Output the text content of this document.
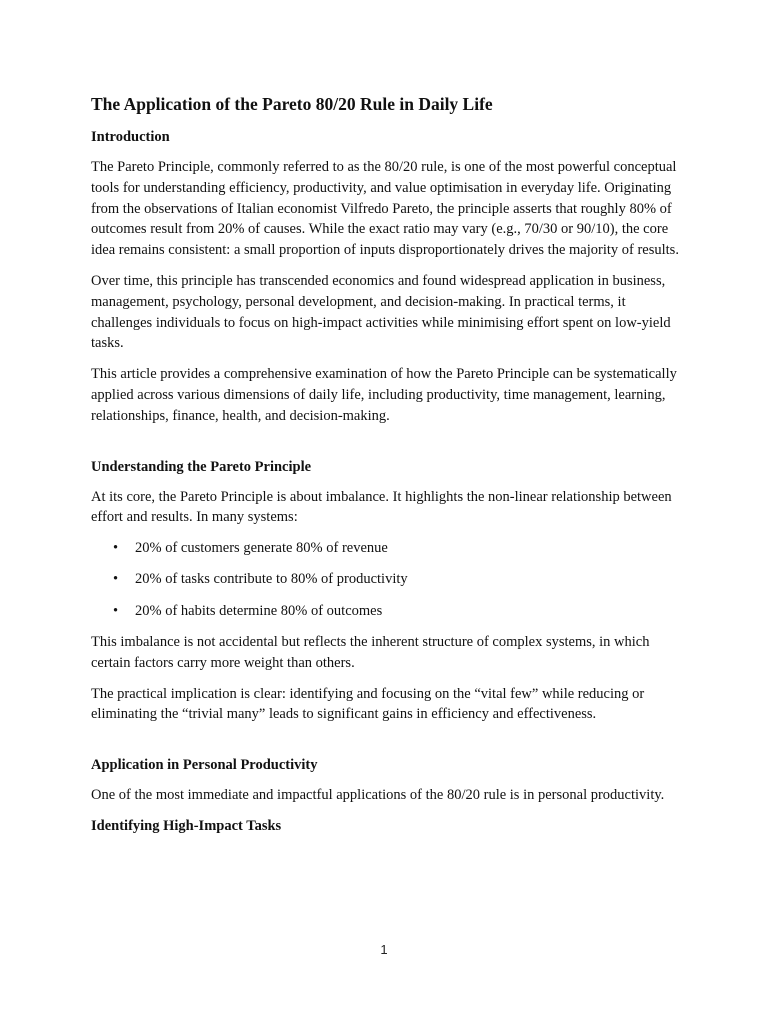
The Application of the Pareto 80/20 Rule in Daily Life
Introduction

The Pareto Principle, commonly referred to as the 80/20 rule, is one of the most powerful conceptual tools for understanding efficiency, productivity, and value optimisation in everyday life. Originating from the observations of Italian economist Vilfredo Pareto, the principle asserts that roughly 80% of outcomes result from 20% of causes. While the exact ratio may vary (e.g., 70/30 or 90/10), the core idea remains consistent: a small proportion of inputs disproportionately drives the majority of results.

Over time, this principle has transcended economics and found widespread application in business, management, psychology, personal development, and decision-making. In practical terms, it challenges individuals to focus on high-impact activities while minimising effort spent on low-yield tasks.

This article provides a comprehensive examination of how the Pareto Principle can be systematically applied across various dimensions of daily life, including productivity, time management, learning, relationships, finance, health, and decision-making.

Understanding the Pareto Principle

At its core, the Pareto Principle is about imbalance. It highlights the non-linear relationship between effort and results. In many systems:

• 20% of customers generate 80% of revenue
• 20% of tasks contribute to 80% of productivity
• 20% of habits determine 80% of outcomes

This imbalance is not accidental but reflects the inherent structure of complex systems, in which certain factors carry more weight than others.

The practical implication is clear: identifying and focusing on the “vital few” while reducing or eliminating the “trivial many” leads to significant gains in efficiency and effectiveness.

Application in Personal Productivity

One of the most immediate and impactful applications of the 80/20 rule is in personal productivity.

Identifying High-Impact Tasks
1
